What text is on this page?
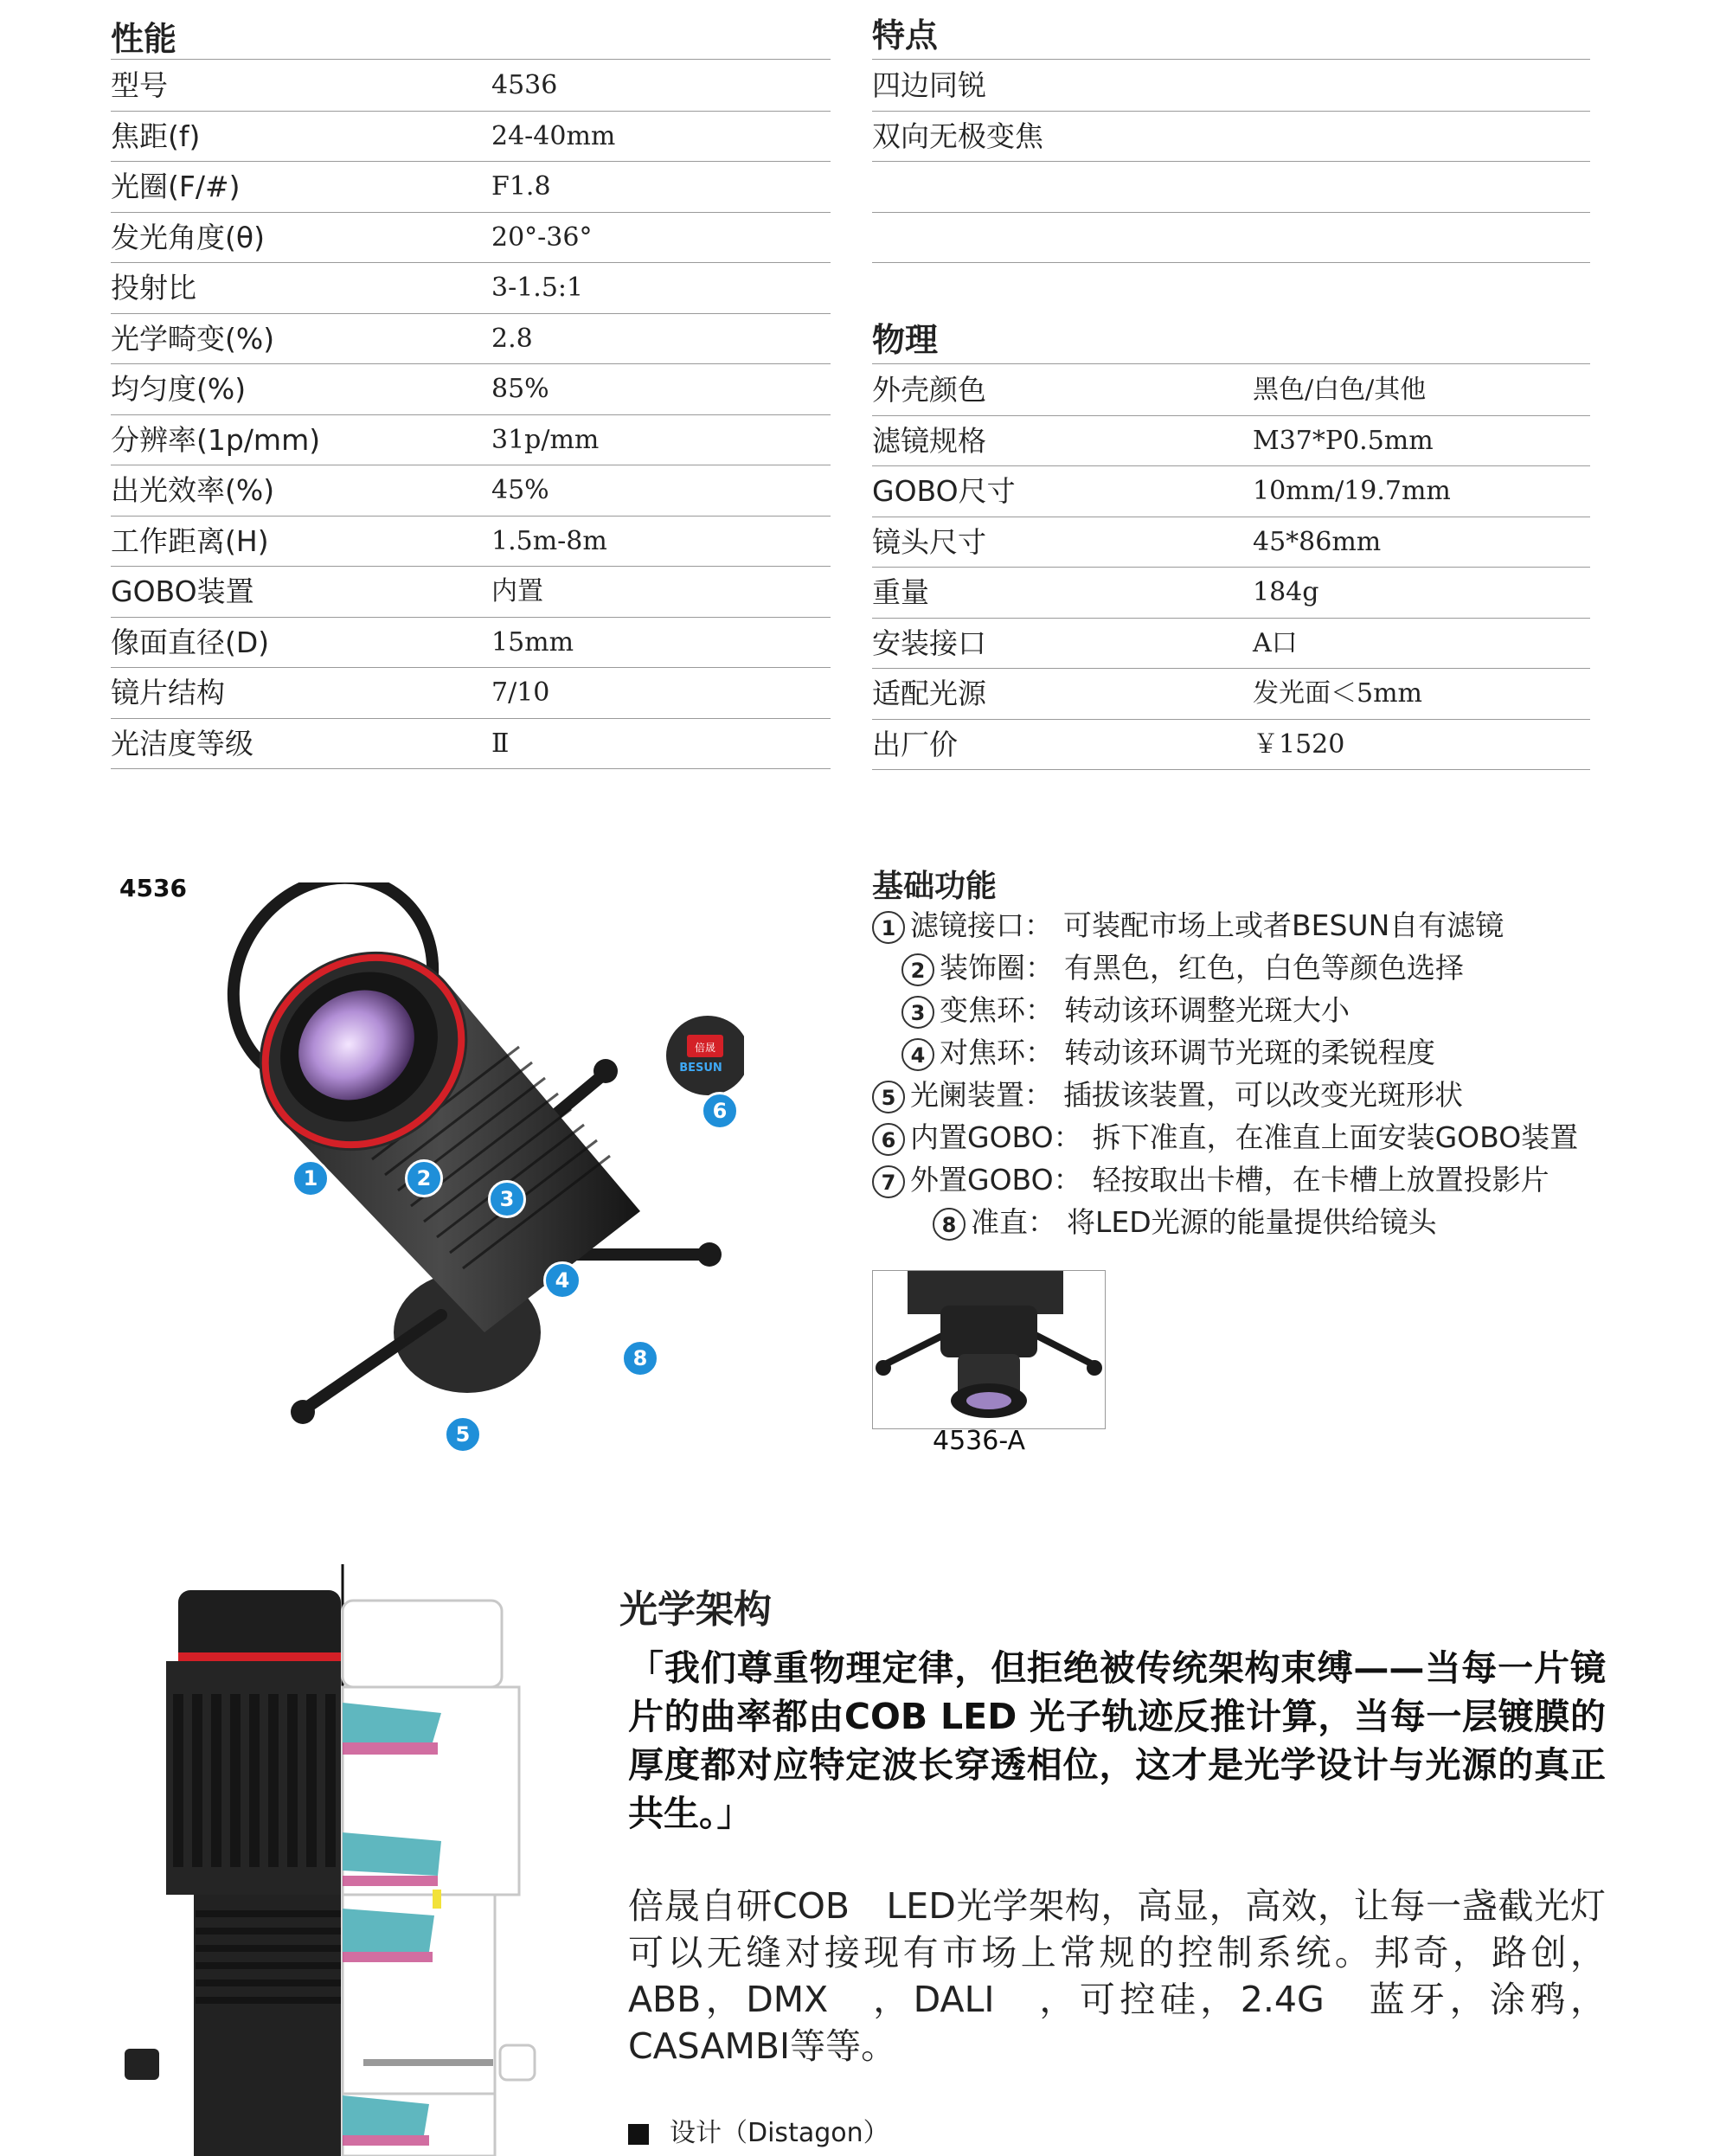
性能
型号	4536
焦距(f)	24-40mm
光圈(F/#)	F1.8
发光角度(θ)	20°-36°
投射比	3-1.5:1
光学畸变(%)	2.8
均匀度(%)	85%
分辨率(1p/mm)	31p/mm
出光效率(%)	45%
工作距离(H)	1.5m-8m
GOBO装置	内置
像面直径(D)	15mm
镜片结构	7/10
光洁度等级	Ⅱ
特点
四边同锐
双向无极变焦
物理
外壳颜色	黑色/白色/其他
滤镜规格	M37*P0.5mm
GOBO尺寸	10mm/19.7mm
镜头尺寸	45*86mm
重量	184g
安装接口	A口
适配光源	发光面＜5mm
出厂价	￥1520
4536
倍晟
BESUN
1	2
3
4
5
6
8
基础功能
1 滤镜接口： 可装配市场上或者BESUN自有滤镜
2 装饰圈： 有黑色，红色，白色等颜色选择
3 变焦环： 转动该环调整光斑大小
4 对焦环： 转动该环调节光斑的柔锐程度
5 光阑装置： 插拔该装置，可以改变光斑形状
6 内置GOBO： 拆下准直，在准直上面安装GOBO装置
7 外置GOBO： 轻按取出卡槽，在卡槽上放置投影片
8 准直： 将LED光源的能量提供给镜头
4536-A
光学架构
「我们尊重物理定律，但拒绝被传统架构束缚——当每一片镜片的曲率都由COB LED 光子轨迹反推计算，当每一层镀膜的厚度都对应特定波长穿透相位，这才是光学设计与光源的真正共生。」
倍晟自研COB　LED光学架构，高显，高效，让每一盏截光灯可以无缝对接现有市场上常规的控制系统。邦奇，路创，ABB，DMX　，DALI　，可控硅，2.4G　蓝牙，涂鸦，CASAMBI等等。
设计（Distagon）
